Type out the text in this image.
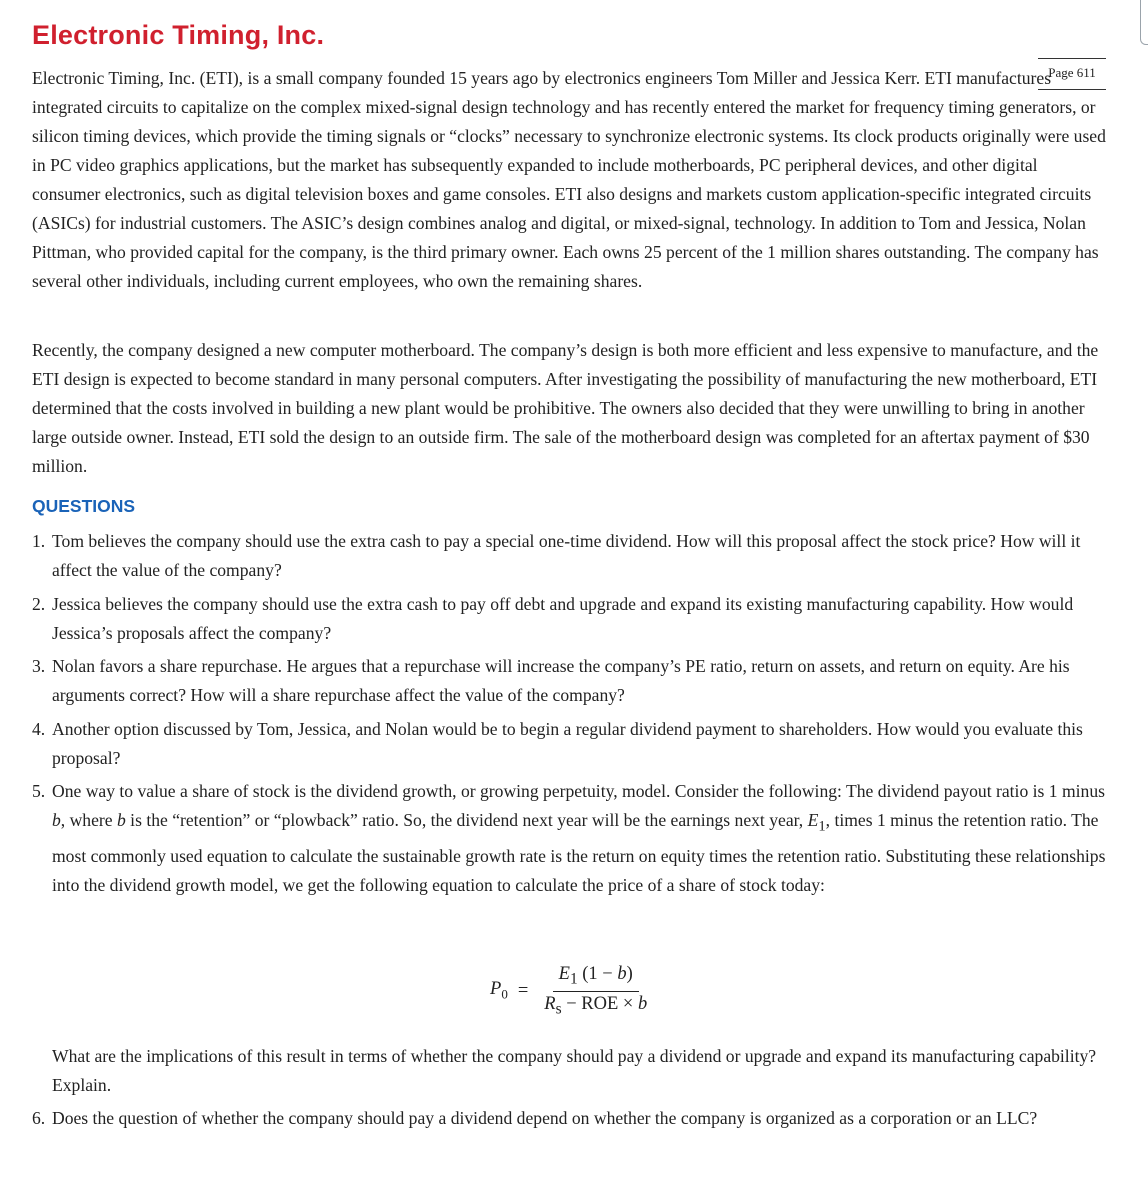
Electronic Timing, Inc.
Page 611

Electronic Timing, Inc. (ETI), is a small company founded 15 years ago by electronics engineers Tom Miller and Jessica Kerr. ETI manufactures integrated circuits to capitalize on the complex mixed-signal design technology and has recently entered the market for frequency timing generators, or silicon timing devices, which provide the timing signals or “clocks” necessary to synchronize electronic systems. Its clock products originally were used in PC video graphics applications, but the market has subsequently expanded to include motherboards, PC peripheral devices, and other digital consumer electronics, such as digital television boxes and game consoles. ETI also designs and markets custom application-specific integrated circuits (ASICs) for industrial customers. The ASIC’s design combines analog and digital, or mixed-signal, technology. In addition to Tom and Jessica, Nolan Pittman, who provided capital for the company, is the third primary owner. Each owns 25 percent of the 1 million shares outstanding. The company has several other individuals, including current employees, who own the remaining shares.

Recently, the company designed a new computer motherboard. The company’s design is both more efficient and less expensive to manufacture, and the ETI design is expected to become standard in many personal computers. After investigating the possibility of manufacturing the new motherboard, ETI determined that the costs involved in building a new plant would be prohibitive. The owners also decided that they were unwilling to bring in another large outside owner. Instead, ETI sold the design to an outside firm. The sale of the motherboard design was completed for an aftertax payment of $30 million.

QUESTIONS
1. Tom believes the company should use the extra cash to pay a special one-time dividend. How will this proposal affect the stock price? How will it affect the value of the company?
2. Jessica believes the company should use the extra cash to pay off debt and upgrade and expand its existing manufacturing capability. How would Jessica’s proposals affect the company?
3. Nolan favors a share repurchase. He argues that a repurchase will increase the company’s PE ratio, return on assets, and return on equity. Are his arguments correct? How will a share repurchase affect the value of the company?
4. Another option discussed by Tom, Jessica, and Nolan would be to begin a regular dividend payment to shareholders. How would you evaluate this proposal?
5. One way to value a share of stock is the dividend growth, or growing perpetuity, model. Consider the following: The dividend payout ratio is 1 minus b, where b is the “retention” or “plowback” ratio. So, the dividend next year will be the earnings next year, $E_1$, times 1 minus the retention ratio. The most commonly used equation to calculate the sustainable growth rate is the return on equity times the retention ratio. Substituting these relationships into the dividend growth model, we get the following equation to calculate the price of a share of stock today:
$P_0 = \frac{E_1 (1 - b)}{R_s - ROE \times b}$

What are the implications of this result in terms of whether the company should pay a dividend or upgrade and expand its manufacturing capability? Explain.

6. Does the question of whether the company should pay a dividend depend on whether the company is organized as a corporation or an LLC?
